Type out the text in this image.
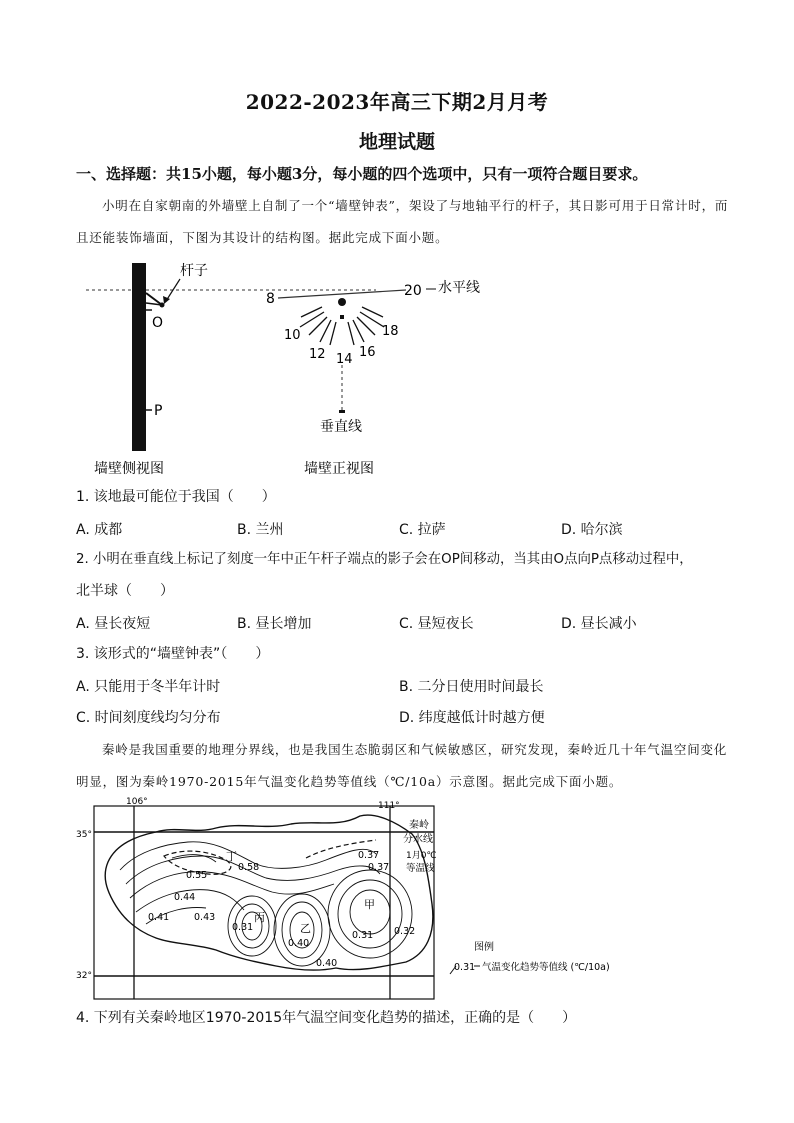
2022-2023年高三下期2月月考
地理试题
一、选择题：共15小题，每小题3分，每小题的四个选项中，只有一项符合题目要求。
小明在自家朝南的外墙壁上自制了一个“墙壁钟表”，架设了与地轴平行的杆子，其日影可用于日常计时，而且还能装饰墙面，下图为其设计的结构图。据此完成下面小题。
杆子
O
P
墙壁侧视图
8	20 水平线
10
12 14 16
18
垂直线
墙壁正视图
1. 该地最可能位于我国（　　）
A. 成都	B. 兰州	C. 拉萨	D. 哈尔滨
2. 小明在垂直线上标记了刻度一年中正午杆子端点的影子会在OP间移动，当其由O点向P点移动过程中，
北半球（　　）
A. 昼长夜短	B. 昼长增加	C. 昼短夜长	D. 昼长减小
3. 该形式的“墙壁钟表”（　　）
A. 只能用于冬半年计时	B. 二分日使用时间最长
C. 时间刻度线均匀分布	D. 纬度越低计时越方便
秦岭是我国重要的地理分界线，也是我国生态脆弱区和气候敏感区，研究发现，秦岭近几十年气温空间变化明显，图为秦岭1970-2015年气温变化趋势等值线（℃/10a）示意图。据此完成下面小题。
106°	111°
35°
32°
丁
丙
乙
甲
0.58
0.55
0.44
0.41	0.43
0.31
0.40
0.40
0.31 0.32
0.37
0.37
秦岭
分水线
1月0℃
等温线
图例
0.31 气温变化趋势等值线 (℃/10a)
4. 下列有关秦岭地区1970-2015年气温空间变化趋势的描述，正确的是（　　）
